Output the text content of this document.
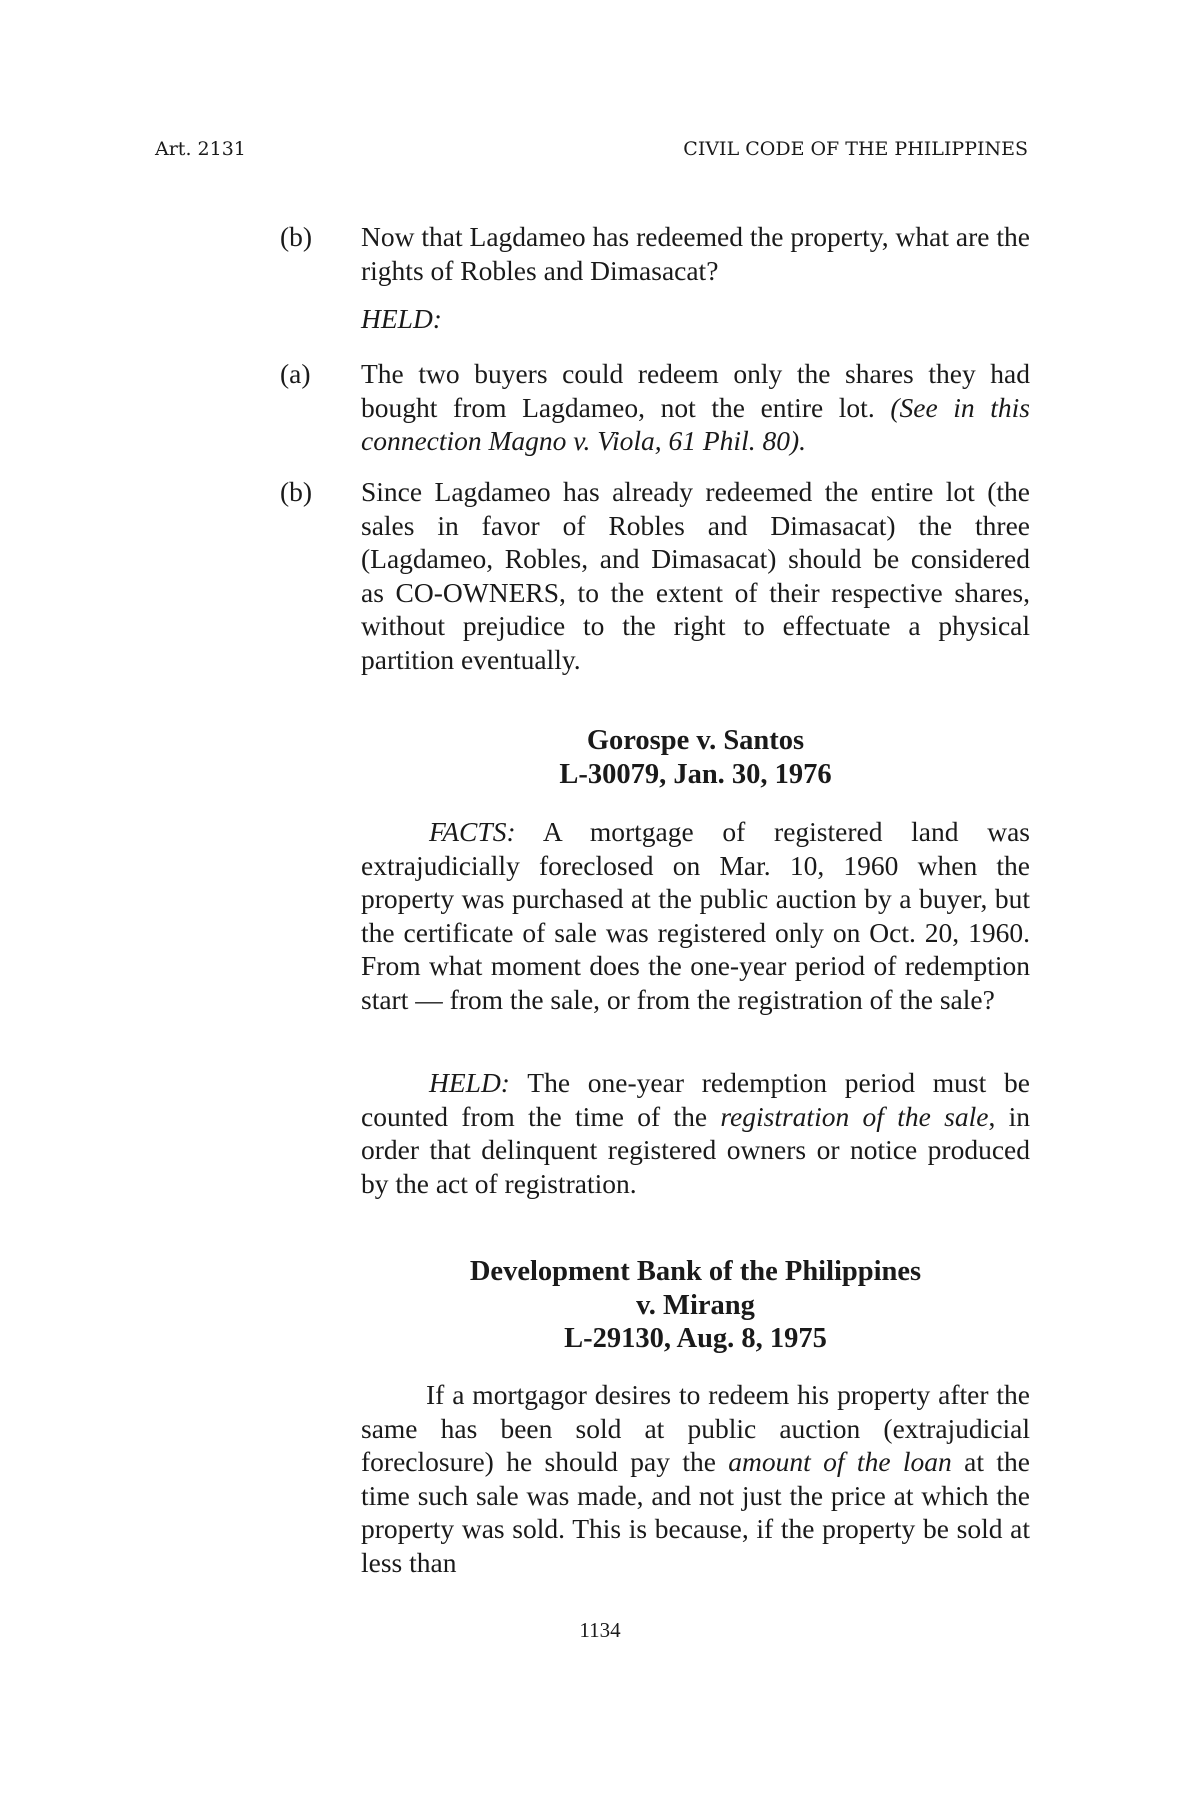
Art. 2131	CIVIL CODE OF THE PHILIPPINES
(b) Now that Lagdameo has redeemed the property, what are the rights of Robles and Dimasacat?
HELD:
(a) The two buyers could redeem only the shares they had bought from Lagdameo, not the entire lot. (See in this connection Magno v. Viola, 61 Phil. 80).
(b) Since Lagdameo has already redeemed the entire lot (the sales in favor of Robles and Dimasacat) the three (Lagdameo, Robles, and Dimasacat) should be considered as CO-OWNERS, to the extent of their respective shares, without prejudice to the right to effectuate a physical partition eventually.
Gorospe v. Santos
L-30079, Jan. 30, 1976
FACTS: A mortgage of registered land was extrajudicially foreclosed on Mar. 10, 1960 when the property was purchased at the public auction by a buyer, but the certificate of sale was registered only on Oct. 20, 1960. From what moment does the one-year period of redemption start — from the sale, or from the registration of the sale?
HELD: The one-year redemption period must be counted from the time of the registration of the sale, in order that delinquent registered owners or notice produced by the act of registration.
Development Bank of the Philippines
v. Mirang
L-29130, Aug. 8, 1975
If a mortgagor desires to redeem his property after the same has been sold at public auction (extrajudicial foreclosure) he should pay the amount of the loan at the time such sale was made, and not just the price at which the property was sold. This is because, if the property be sold at less than
1134
